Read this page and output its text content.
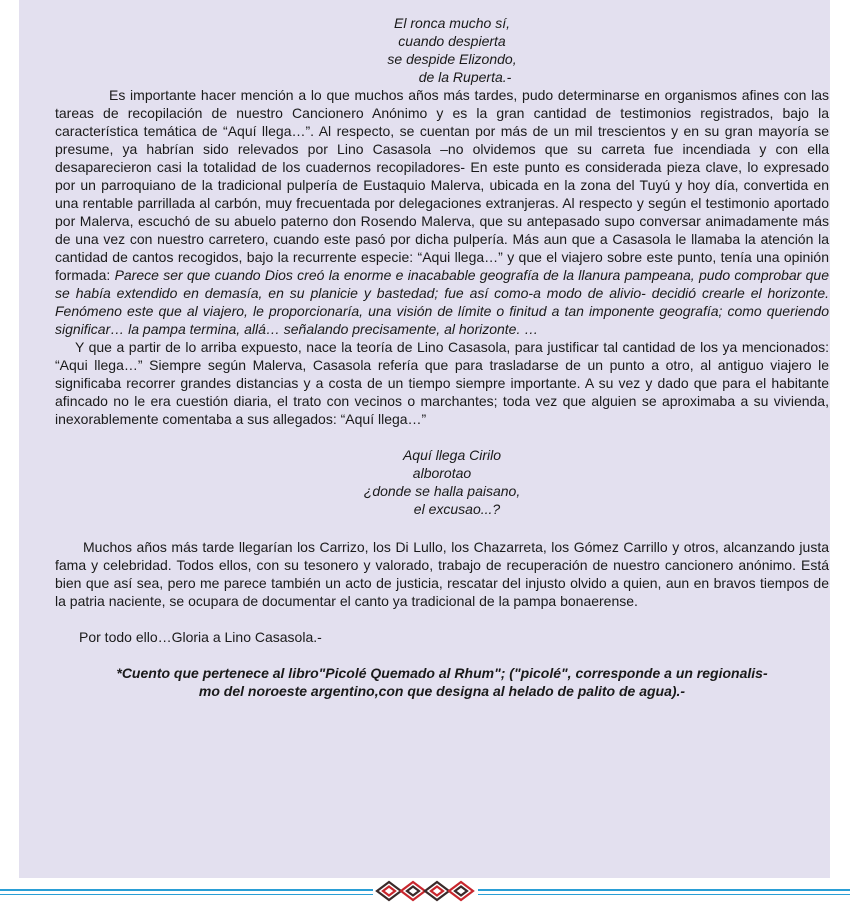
El ronca mucho sí,
cuando despierta
se despide Elizondo,
de la Ruperta.-

Es importante hacer mención a lo que muchos años más tardes, pudo determinarse en organismos afines con las tareas de recopilación de nuestro Cancionero Anónimo y es la gran cantidad de testimonios registrados, bajo la característica temática de “Aquí llega…”. Al respecto, se cuentan por más de un mil trescientos y en su gran mayoría se presume, ya habrían sido relevados por Lino Casasola –no olvidemos que su carreta fue incendiada y con ella desaparecieron casi la totalidad de los cuadernos recopiladores- En este punto es considerada pieza clave, lo expresado por un parroquiano de la tradicional pulpería de Eustaquio Malerva, ubicada en la zona del Tuyú y hoy día, convertida en una rentable parrillada al carbón, muy frecuentada por delegaciones extranjeras. Al respecto y según el testimonio aportado por Malerva, escuchó de su abuelo paterno don Rosendo Malerva, que su antepasado supo conversar animadamente más de una vez con nuestro carretero, cuando este pasó por dicha pulpería. Más aun que a Casasola le llamaba la atención la cantidad de cantos recogidos, bajo la recurrente especie: “Aqui llega…” y que el viajero sobre este punto, tenía una opinión formada: Parece ser que cuando Dios creó la enorme e inacabable geografía de la llanura pampeana, pudo comprobar que se había extendido en demasía, en su planicie y bastedad; fue así como-a modo de alivio- decidió crearle el horizonte. Fenómeno este que al viajero, le proporcionaría, una visión de límite o finitud a tan imponente geografía; como queriendo significar… la pampa termina, allá… señalando precisamente, al horizonte. …

Y que a partir de lo arriba expuesto, nace la teoría de Lino Casasola, para justificar tal cantidad de los ya mencionados: “Aqui llega…” Siempre según Malerva, Casasola refería que para trasladarse de un punto a otro, al antiguo viajero le significaba recorrer grandes distancias y a costa de un tiempo siempre importante. A su vez y dado que para el habitante afincado no le era cuestión diaria, el trato con vecinos o marchantes; toda vez que alguien se aproximaba a su vivienda, inexorablemente comentaba a sus allegados: “Aquí llega…”

Aquí llega Cirilo
alborotao
¿donde se halla paisano,
el excusao...?

Muchos años más tarde llegarían los Carrizo, los Di Lullo, los Chazarreta, los Gómez Carrillo y otros, alcanzando justa fama y celebridad. Todos ellos, con su tesonero y valorado, trabajo de recuperación de nuestro cancionero anónimo. Está bien que así sea, pero me parece también un acto de justicia, rescatar del injusto olvido a quien, aun en bravos tiempos de la patria naciente, se ocupara de documentar el canto ya tradicional de la pampa bonaerense.

Por todo ello…Gloria a Lino Casasola.-

*Cuento que pertenece al libro"Picolé Quemado al Rhum"; ("picolé", corresponde a un regionalis-
mo del noroeste argentino,con que designa al helado de palito de agua).-
